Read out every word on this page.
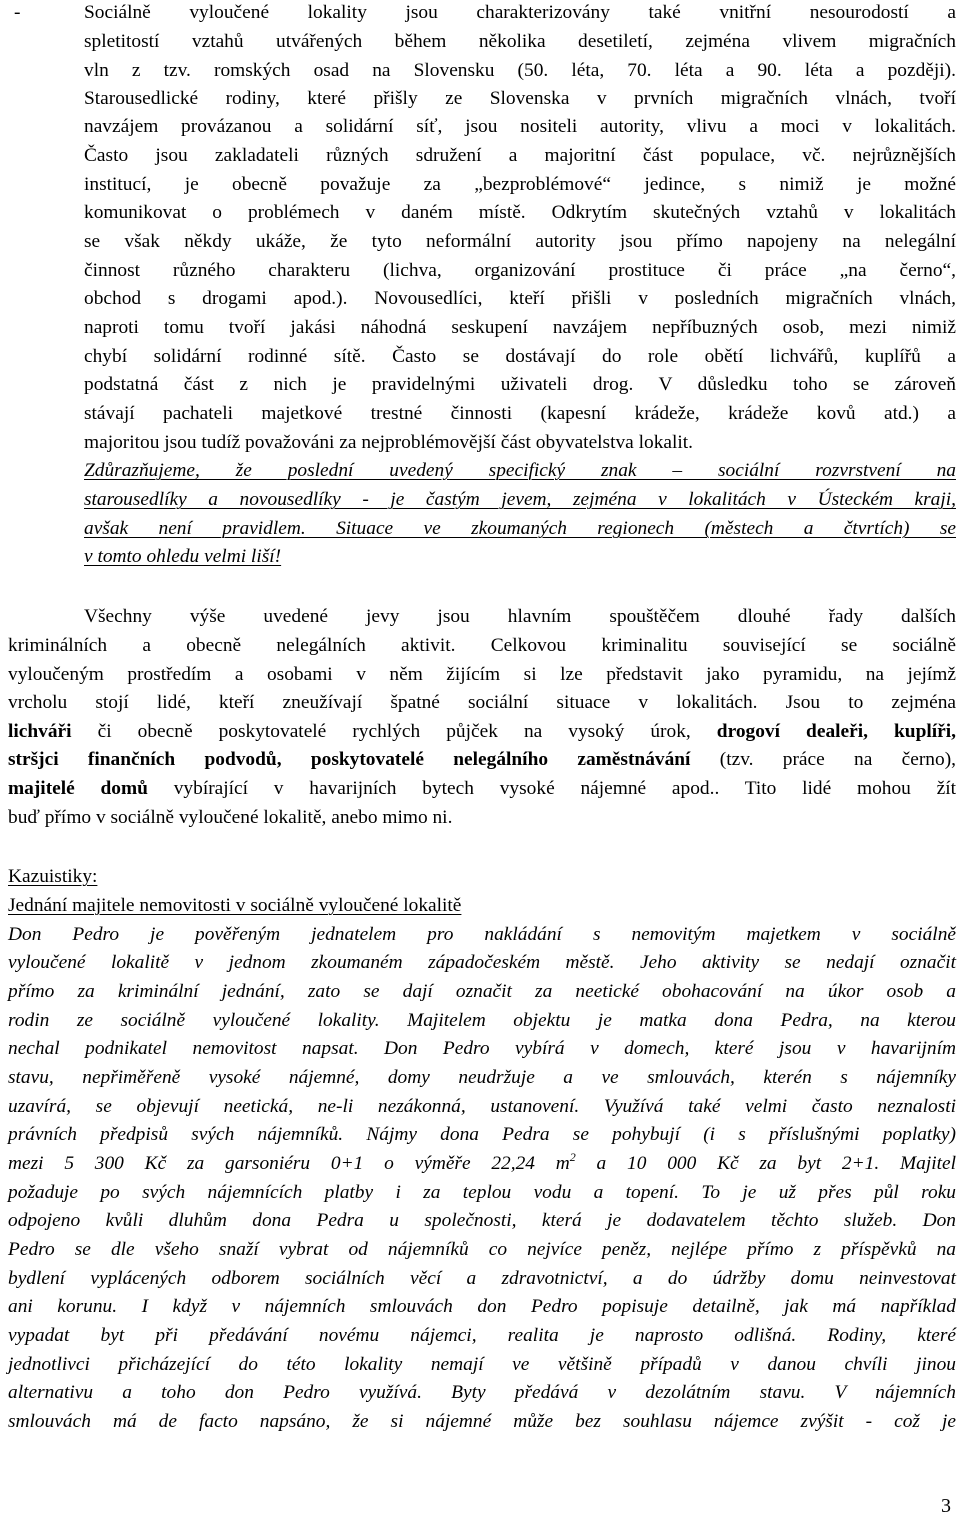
-	Sociálně vyloučené lokality jsou charakterizovány také vnitřní nesourodostí a
spletitostí vztahů utvářených během několika desetiletí, zejména vlivem migračních
vln z tzv. romských osad na Slovensku (50. léta, 70. léta a 90. léta a později).
Starousedlické rodiny, které přišly ze Slovenska v prvních migračních vlnách, tvoří
navzájem provázanou a solidární síť, jsou nositeli autority, vlivu a moci v lokalitách.
Často jsou zakladateli různých sdružení a majoritní část populace, vč. nejrůznějších
institucí, je obecně považuje za „bezproblémové“ jedince, s nimiž je možné
komunikovat o problémech v daném místě. Odkrytím skutečných vztahů v lokalitách
se však někdy ukáže, že tyto neformální autority jsou přímo napojeny na nelegální
činnost různého charakteru (lichva, organizování prostituce či práce „na černo“,
obchod s drogami apod.). Novousedlíci, kteří přišli v posledních migračních vlnách,
naproti tomu tvoří jakási náhodná seskupení navzájem nepříbuzných osob, mezi nimiž
chybí solidární rodinné sítě. Často se dostávají do role obětí lichvářů, kuplířů a
podstatná část z nich je pravidelnými uživateli drog. V důsledku toho se zároveň
stávají pachateli majetkové trestné činnosti (kapesní krádeže, krádeže kovů atd.) a
majoritou jsou tudíž považováni za nejproblémovější část obyvatelstva lokalit.
Zdůrazňujeme, že poslední uvedený specifický znak – sociální rozvrstvení na
starousedlíky a novousedlíky - je častým jevem, zejména v lokalitách v Ústeckém kraji,
avšak není pravidlem. Situace ve zkoumaných regionech (městech a čtvrtích) se
v tomto ohledu velmi liší!
Všechny výše uvedené jevy jsou hlavním spouštěčem dlouhé řady dalších
kriminálních a obecně nelegálních aktivit. Celkovou kriminalitu související se sociálně
vyloučeným prostředím a osobami v něm žijícím si lze představit jako pyramidu, na jejímž
vrcholu stojí lidé, kteří zneužívají špatné sociální situace v lokalitách. Jsou to zejména
lichváři či obecně poskytovatelé rychlých půjček na vysoký úrok, drogoví dealeři, kuplíři,
stršjci finančních podvodů, poskytovatelé nelegálního zaměstnávání (tzv. práce na černo),
majitelé domů vybírající v havarijních bytech vysoké nájemné apod.. Tito lidé mohou žít
buď přímo v sociálně vyloučené lokalitě, anebo mimo ni.
Kazuistiky:
Jednání majitele nemovitosti v sociálně vyloučené lokalitě
Don Pedro je pověřeným jednatelem pro nakládání s nemovitým majetkem v sociálně
vyloučené lokalitě v jednom zkoumaném západočeském městě. Jeho aktivity se nedají označit
přímo za kriminální jednání, zato se dají označit za neetické obohacování na úkor osob a
rodin ze sociálně vyloučené lokality. Majitelem objektu je matka dona Pedra, na kterou
nechal podnikatel nemovitost napsat. Don Pedro vybírá v domech, které jsou v havarijním
stavu, nepřiměřeně vysoké nájemné, domy neudržuje a ve smlouvách, kterén s nájemníky
uzavírá, se objevují neetická, ne-li nezákonná, ustanovení. Využívá také velmi často neznalosti
právních předpisů svých nájemníků. Nájmy dona Pedra se pohybují (i s příslušnými poplatky)
mezi 5 300 Kč za garsoniéru 0+1 o výměře 22,24 $m^2$ a 10 000 Kč za byt 2+1. Majitel
požaduje po svých nájemnících platby i za teplou vodu a topení. To je už přes půl roku
odpojeno kvůli dluhům dona Pedra u společnosti, která je dodavatelem těchto služeb. Don
Pedro se dle všeho snaží vybrat od nájemníků co nejvíce peněz, nejlépe přímo z příspěvků na
bydlení vyplácených odborem sociálních věcí a zdravotnictví, a do údržby domu neinvestovat
ani korunu. I když v nájemních smlouvách don Pedro popisuje detailně, jak má například
vypadat byt při předávání novému nájemci, realita je naprosto odlišná. Rodiny, které
jednotlivci přicházející do této lokality nemají ve většině případů v danou chvíli jinou
alternativu a toho don Pedro využívá. Byty předává v dezolátním stavu. V nájemních
smlouvách má de facto napsáno, že si nájemné může bez souhlasu nájemce zvýšit - což je
3
